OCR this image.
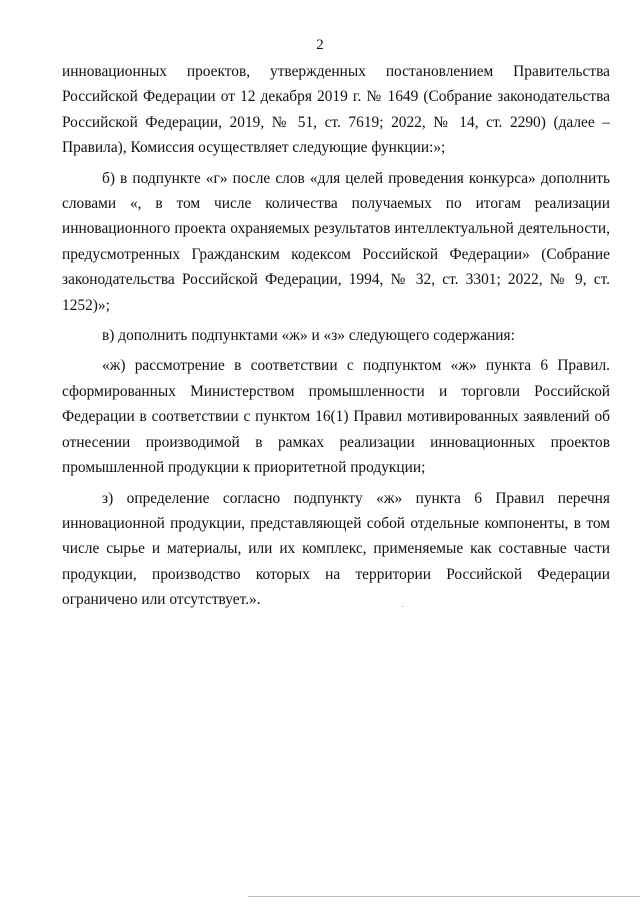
2

инновационных проектов, утвержденных постановлением Правительства Российской Федерации от 12 декабря 2019 г. № 1649 (Собрание законодательства Российской Федерации, 2019, № 51, ст. 7619; 2022, № 14, ст. 2290) (далее – Правила), Комиссия осуществляет следующие функции:»;

б) в подпункте «г» после слов «для целей проведения конкурса» дополнить словами «, в том числе количества получаемых по итогам реализации инновационного проекта охраняемых результатов интеллектуальной деятельности, предусмотренных Гражданским кодексом Российской Федерации» (Собрание законодательства Российской Федерации, 1994, № 32, ст. 3301; 2022, № 9, ст. 1252)»;

в) дополнить подпунктами «ж» и «з» следующего содержания:

«ж) рассмотрение в соответствии с подпунктом «ж» пункта 6 Правил. сформированных Министерством промышленности и торговли Российской Федерации в соответствии с пунктом 16(1) Правил мотивированных заявлений об отнесении производимой в рамках реализации инновационных проектов промышленной продукции к приоритетной продукции;

з) определение согласно подпункту «ж» пункта 6 Правил перечня инновационной продукции, представляющей собой отдельные компоненты, в том числе сырье и материалы, или их комплекс, применяемые как составные части продукции, производство которых на территории Российской Федерации ограничено или отсутствует.».
